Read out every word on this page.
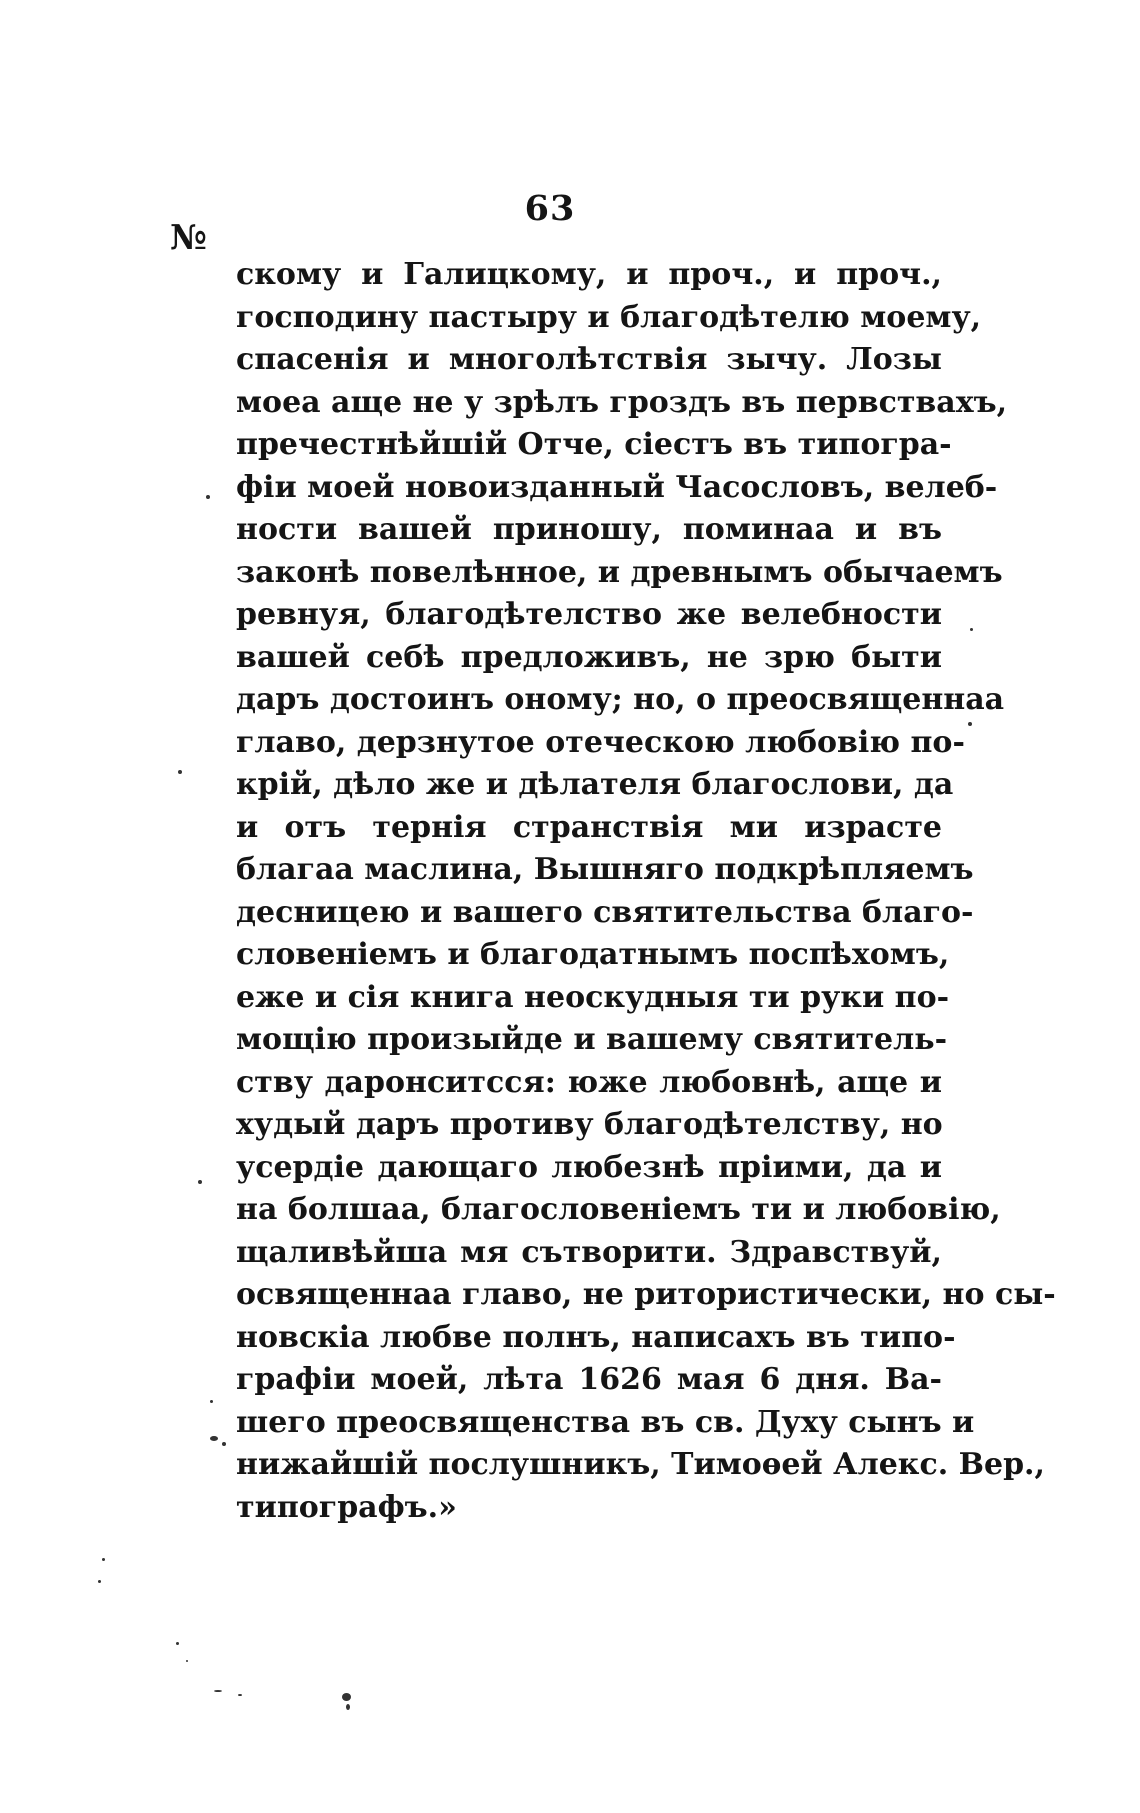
63
№
скому и Галицкому, и проч., и проч.,
господину пастыру и благодѣтелю моему,
спасенія и многолѣтствія зычу. Лозы
моеа аще не у зрѣлъ гроздъ въ первствахъ,
пречестнѣйшій Отче, сіестъ въ типогра-
фіи моей новоизданный Часословъ, велеб-
ности вашей приношу, поминаа и въ
законѣ повелѣнное, и древнымъ обычаемъ
ревнуя, благодѣтелство же велебности
вашей себѣ предложивъ, не зрю быти
даръ достоинъ оному; но, о преосвященнаа
главо, дерзнутое отеческою любовію по-
крій, дѣло же и дѣлателя благослови, да
и отъ тернія странствія ми израсте
благаа маслина, Вышняго подкрѣпляемъ
десницею и вашего святительства благо-
словеніемъ и благодатнымъ поспѣхомъ,
еже и сія книга неоскудныя ти руки по-
мощію произыйде и вашему святитель-
ству даронситсся: юже любовнѣ, аще и
худый даръ противу благодѣтелству, но
усердіе дающаго любезнѣ пріими, да и
на болшаа, благословеніемъ ти и любовію,
щаливѣйша мя сътворити. Здравствуй,
освященнаа главо, не ритористически, но сы-
новскіа любве полнъ, написахъ въ типо-
графіи моей, лѣта 1626 мая 6 дня. Ва-
шего преосвященства въ св. Духу сынъ и
нижайшій послушникъ, Тимоѳей Алекс. Вер.,
типографъ.»
